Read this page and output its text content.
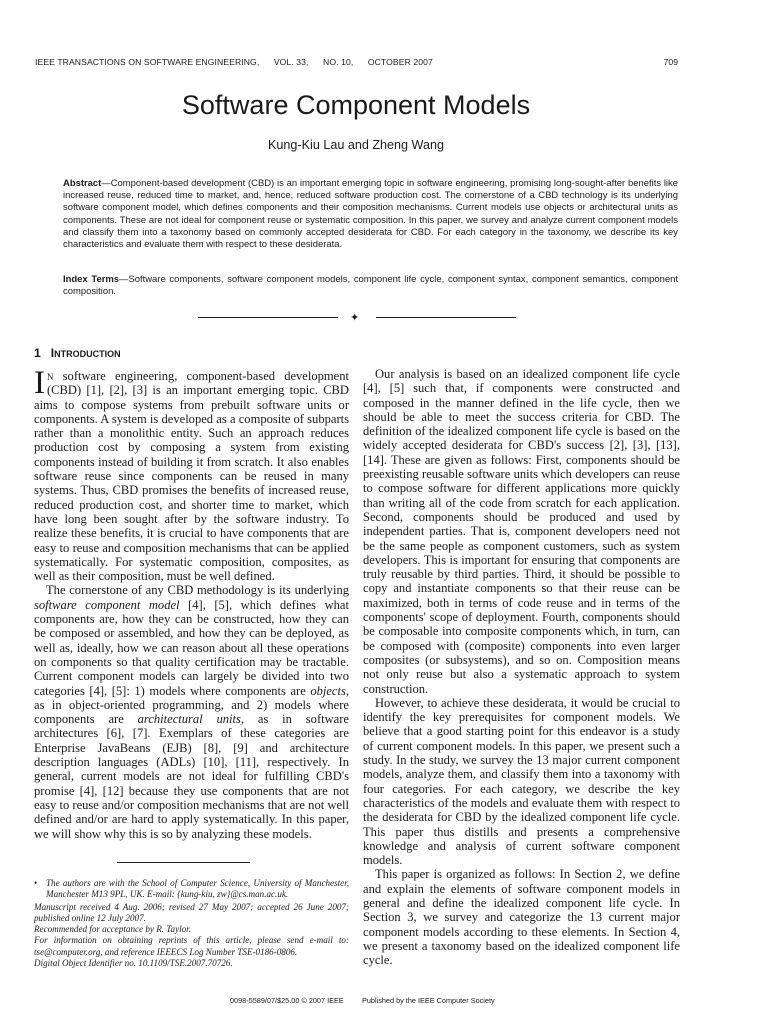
IEEE TRANSACTIONS ON SOFTWARE ENGINEERING, VOL. 33, NO. 10, OCTOBER 2007	709
Software Component Models
Kung-Kiu Lau and Zheng Wang
Abstract—Component-based development (CBD) is an important emerging topic in software engineering, promising long-sought-after benefits like increased reuse, reduced time to market, and, hence, reduced software production cost. The cornerstone of a CBD technology is its underlying software component model, which defines components and their composition mechanisms. Current models use objects or architectural units as components. These are not ideal for component reuse or systematic composition. In this paper, we survey and analyze current component models and classify them into a taxonomy based on commonly accepted desiderata for CBD. For each category in the taxonomy, we describe its key characteristics and evaluate them with respect to these desiderata.
Index Terms—Software components, software component models, component life cycle, component syntax, component semantics, component composition.
✦
1 Introduction

In software engineering, component-based development (CBD) [1], [2], [3] is an important emerging topic. CBD aims to compose systems from prebuilt software units or components. A system is developed as a composite of subparts rather than a monolithic entity. Such an approach reduces production cost by composing a system from existing components instead of building it from scratch. It also enables software reuse since components can be reused in many systems. Thus, CBD promises the benefits of increased reuse, reduced production cost, and shorter time to market, which have long been sought after by the software industry. To realize these benefits, it is crucial to have components that are easy to reuse and composition mechanisms that can be applied systematically. For systematic composition, composites, as well as their composition, must be well defined.

The cornerstone of any CBD methodology is its underlying software component model [4], [5], which defines what components are, how they can be constructed, how they can be composed or assembled, and how they can be deployed, as well as, ideally, how we can reason about all these operations on components so that quality certification may be tractable. Current component models can largely be divided into two categories [4], [5]: 1) models where components are objects, as in object-oriented programming, and 2) models where components are architectural units, as in software architectures [6], [7]. Exemplars of these categories are Enterprise JavaBeans (EJB) [8], [9] and architecture description languages (ADLs) [10], [11], respectively. In general, current models are not ideal for fulfilling CBD's promise [4], [12] because they use components that are not easy to reuse and/or composition mechanisms that are not well defined and/or are hard to apply systematically. In this paper, we will show why this is so by analyzing these models.

• The authors are with the School of Computer Science, University of Manchester, Manchester M13 9PL, UK. E-mail: {kung-kiu, zw}@cs.man.ac.uk.

Manuscript received 4 Aug. 2006; revised 27 May 2007; accepted 26 June 2007; published online 12 July 2007.

Recommended for acceptance by R. Taylor.

For information on obtaining reprints of this article, please send e-mail to: tse@computer.org, and reference IEEECS Log Number TSE-0186-0806.

Digital Object Identifier no. 10.1109/TSE.2007.70726.

Our analysis is based on an idealized component life cycle [4], [5] such that, if components were constructed and composed in the manner defined in the life cycle, then we should be able to meet the success criteria for CBD. The definition of the idealized component life cycle is based on the widely accepted desiderata for CBD's success [2], [3], [13], [14]. These are given as follows: First, components should be preexisting reusable software units which developers can reuse to compose software for different applications more quickly than writing all of the code from scratch for each application. Second, components should be produced and used by independent parties. That is, component developers need not be the same people as component customers, such as system developers. This is important for ensuring that components are truly reusable by third parties. Third, it should be possible to copy and instantiate components so that their reuse can be maximized, both in terms of code reuse and in terms of the components' scope of deployment. Fourth, components should be composable into composite components which, in turn, can be composed with (composite) components into even larger composites (or subsystems), and so on. Composition means not only reuse but also a systematic approach to system construction.

However, to achieve these desiderata, it would be crucial to identify the key prerequisites for component models. We believe that a good starting point for this endeavor is a study of current component models. In this paper, we present such a study. In the study, we survey the 13 major current component models, analyze them, and classify them into a taxonomy with four categories. For each category, we describe the key characteristics of the models and evaluate them with respect to the desiderata for CBD by the idealized component life cycle. This paper thus distills and presents a comprehensive knowledge and analysis of current software component models.

This paper is organized as follows: In Section 2, we define and explain the elements of software component models in general and define the idealized component life cycle. In Section 3, we survey and categorize the 13 current major component models according to these elements. In Section 4, we present a taxonomy based on the idealized component life cycle.

0098-5589/07/$25.00 © 2007 IEEE	Published by the IEEE Computer Society
